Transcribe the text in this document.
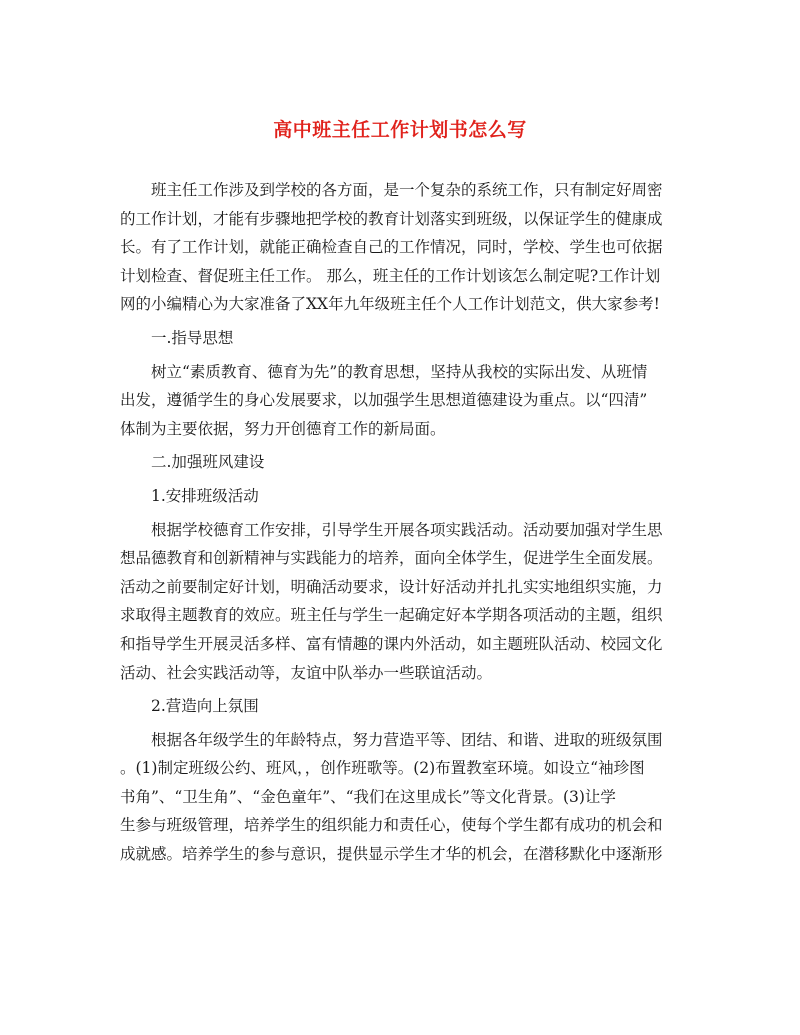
高中班主任工作计划书怎么写

班主任工作涉及到学校的各方面，是一个复杂的系统工作，只有制定好周密
的工作计划，才能有步骤地把学校的教育计划落实到班级，以保证学生的健康成
长。有了工作计划，就能正确检查自己的工作情况，同时，学校、学生也可依据
计划检查、督促班主任工作。 那么，班主任的工作计划该怎么制定呢?工作计划
网的小编精心为大家准备了XX年九年级班主任个人工作计划范文，供大家参考!

一.指导思想

树立“素质教育、德育为先”的教育思想，坚持从我校的实际出发、从班情
出发，遵循学生的身心发展要求，以加强学生思想道德建设为重点。以“四清”
体制为主要依据，努力开创德育工作的新局面。

二.加强班风建设

1.安排班级活动

根据学校德育工作安排，引导学生开展各项实践活动。活动要加强对学生思
想品德教育和创新精神与实践能力的培养，面向全体学生，促进学生全面发展。
活动之前要制定好计划，明确活动要求，设计好活动并扎扎实实地组织实施，力
求取得主题教育的效应。班主任与学生一起确定好本学期各项活动的主题，组织
和指导学生开展灵活多样、富有情趣的课内外活动，如主题班队活动、校园文化
活动、社会实践活动等，友谊中队举办一些联谊活动。

2.营造向上氛围

根据各年级学生的年龄特点，努力营造平等、团结、和谐、进取的班级氛围
。(1)制定班级公约、班风，，创作班歌等。(2)布置教室环境。如设立“袖珍图
书角”、“卫生角”、“金色童年”、“我们在这里成长”等文化背景。(3)让学
生参与班级管理，培养学生的组织能力和责任心，使每个学生都有成功的机会和
成就感。培养学生的参与意识，提供显示学生才华的机会，在潜移默化中逐渐形
